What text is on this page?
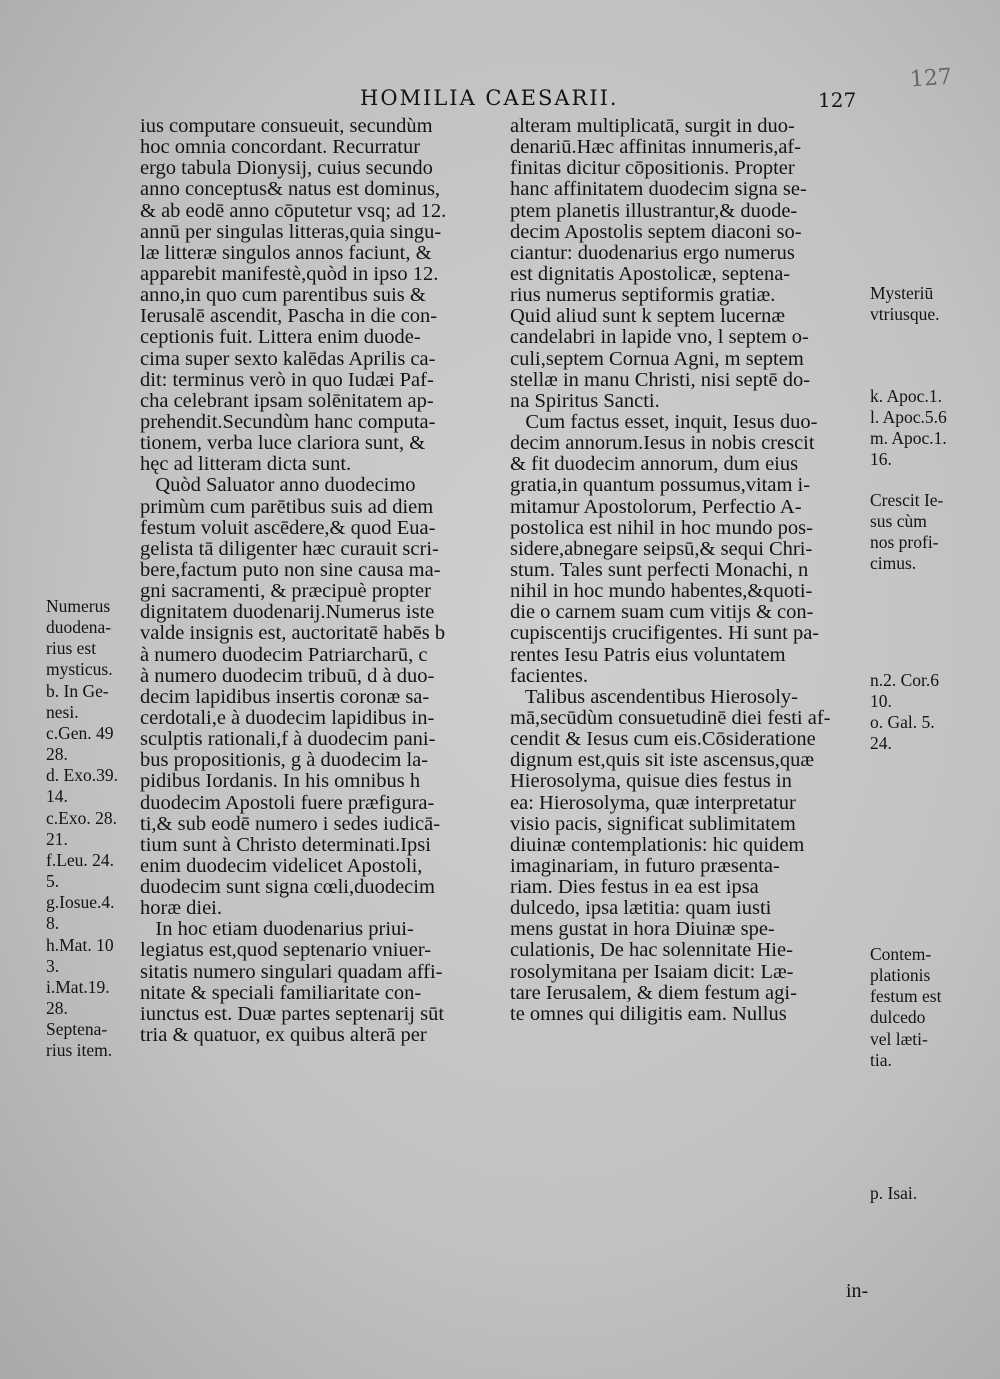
HOMILIA CAESARII.	127
127
ius computare consueuit, secundùm
hoc omnia concordant. Recurratur
ergo tabula Dionysij, cuius secundo
anno conceptus& natus est dominus,
& ab eodē anno cōputetur vsq; ad 12.
annū per singulas litteras,quia singu-
læ litteræ singulos annos faciunt, &
apparebit manifestè,quòd in ipso 12.
anno,in quo cum parentibus suis &
Ierusalē ascendit, Pascha in die con-
ceptionis fuit. Littera enim duode-
cima super sexto kalēdas Aprilis ca-
dit: terminus verò in quo Iudæi Paf-
cha celebrant ipsam solēnitatem ap-
prehendit.Secundùm hanc computa-
tionem, verba luce clariora sunt, &
hęc ad litteram dicta sunt.
Quòd Saluator anno duodecimo
primùm cum parētibus suis ad diem
festum voluit ascēdere,& quod Eua-
gelista tā diligenter hæc curauit scri-
bere,factum puto non sine causa ma-
gni sacramenti, & præcipuè propter
dignitatem duodenarij.Numerus iste
valde insignis est, auctoritatē habēs b
à numero duodecim Patriarcharū, c
à numero duodecim tribuū, d à duo-
decim lapidibus insertis coronæ sa-
cerdotali,e à duodecim lapidibus in-
sculptis rationali,f à duodecim pani-
bus propositionis, g à duodecim la-
pidibus Iordanis. In his omnibus h
duodecim Apostoli fuere præfigura-
ti,& sub eodē numero i sedes iudicā-
tium sunt à Christo determinati.Ipsi
enim duodecim videlicet Apostoli,
duodecim sunt signa cœli,duodecim
horæ diei.
In hoc etiam duodenarius priui-
legiatus est,quod septenario vniuer-
sitatis numero singulari quadam affi-
nitate & speciali familiaritate con-
iunctus est. Duæ partes septenarij sūt
tria & quatuor, ex quibus alterā per
alteram multiplicatā, surgit in duo-
denariū.Hæc affinitas innumeris,af-
finitas dicitur cōpositionis. Propter
hanc affinitatem duodecim signa se-
ptem planetis illustrantur,& duode-
decim Apostolis septem diaconi so-
ciantur: duodenarius ergo numerus
est dignitatis Apostolicæ, septena-
rius numerus septiformis gratiæ.
Quid aliud sunt k septem lucernæ
candelabri in lapide vno, l septem o-
culi,septem Cornua Agni, m septem
stellæ in manu Christi, nisi septē do-
na Spiritus Sancti.
Cum factus esset, inquit, Iesus duo-
decim annorum.Iesus in nobis crescit
& fit duodecim annorum, dum eius
gratia,in quantum possumus,vitam i-
mitamur Apostolorum, Perfectio A-
postolica est nihil in hoc mundo pos-
sidere,abnegare seipsū,& sequi Chri-
stum. Tales sunt perfecti Monachi, n
nihil in hoc mundo habentes,&quoti-
die o carnem suam cum vitijs & con-
cupiscentijs crucifigentes. Hi sunt pa-
rentes Iesu Patris eius voluntatem
facientes.
Talibus ascendentibus Hierosoly-
mā,secūdùm consuetudinē diei festi af-
cendit & Iesus cum eis.Cōsideratione
dignum est,quis sit iste ascensus,quæ
Hierosolyma, quisue dies festus in
ea: Hierosolyma, quæ interpretatur
visio pacis, significat sublimitatem
diuinæ contemplationis: hic quidem
imaginariam, in futuro præsenta-
riam. Dies festus in ea est ipsa
dulcedo, ipsa lætitia: quam iusti
mens gustat in hora Diuinæ spe-
culationis, De hac solennitate Hie-
rosolymitana per Isaiam dicit: Læ-
tare Ierusalem, & diem festum agi-
te omnes qui diligitis eam. Nullus
Numerus
duodena-
rius est
mysticus.
b. In Ge-
nesi.
c.Gen. 49
28.
d. Exo.39.
14.
c.Exo. 28.
21.
f.Leu. 24.
5.
g.Iosue.4.
8.
h.Mat. 10
3.
i.Mat.19.
28.
Septena-
rius item.
Mysteriū
vtriusque.
k. Apoc.1.
l. Apoc.5.6
m. Apoc.1.
16.
Crescit Ie-
sus cùm
nos profi-
cimus.
n.2. Cor.6
10.
o. Gal. 5.
24.
Contem-
plationis
festum est
dulcedo
vel læti-
tia.
p. Isai.
in-
